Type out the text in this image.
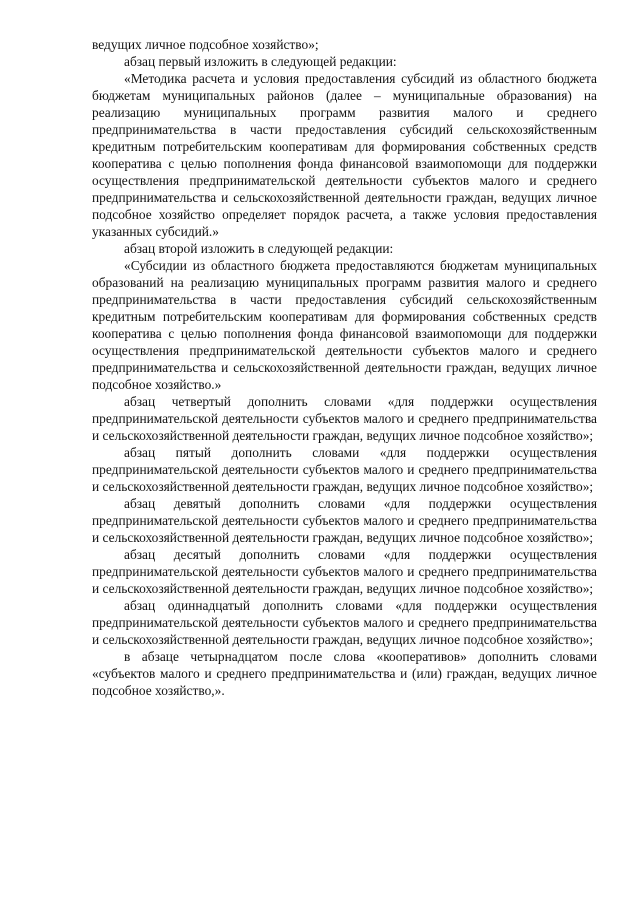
ведущих личное подсобное хозяйство»;

абзац первый изложить в следующей редакции:

«Методика расчета и условия предоставления субсидий из областного бюджета бюджетам муниципальных районов (далее – муниципальные образования) на реализацию муниципальных программ развития малого и среднего предпринимательства в части предоставления субсидий сельскохозяйственным кредитным потребительским кооперативам для формирования собственных средств кооператива с целью пополнения фонда финансовой взаимопомощи для поддержки осуществления предпринимательской деятельности субъектов малого и среднего предпринимательства и сельскохозяйственной деятельности граждан, ведущих личное подсобное хозяйство определяет порядок расчета, а также условия предоставления указанных субсидий.»

абзац второй изложить в следующей редакции:

«Субсидии из областного бюджета предоставляются бюджетам муниципальных образований на реализацию муниципальных программ развития малого и среднего предпринимательства в части предоставления субсидий сельскохозяйственным кредитным потребительским кооперативам для формирования собственных средств кооператива с целью пополнения фонда финансовой взаимопомощи для поддержки осуществления предпринимательской деятельности субъектов малого и среднего предпринимательства и сельскохозяйственной деятельности граждан, ведущих личное подсобное хозяйство.»

абзац четвертый дополнить словами «для поддержки осуществления предпринимательской деятельности субъектов малого и среднего предпринимательства и сельскохозяйственной деятельности граждан, ведущих личное подсобное хозяйство»;

абзац пятый дополнить словами «для поддержки осуществления предпринимательской деятельности субъектов малого и среднего предпринимательства и сельскохозяйственной деятельности граждан, ведущих личное подсобное хозяйство»;

абзац девятый дополнить словами «для поддержки осуществления предпринимательской деятельности субъектов малого и среднего предпринимательства и сельскохозяйственной деятельности граждан, ведущих личное подсобное хозяйство»;

абзац десятый дополнить словами «для поддержки осуществления предпринимательской деятельности субъектов малого и среднего предпринимательства и сельскохозяйственной деятельности граждан, ведущих личное подсобное хозяйство»;

абзац одиннадцатый дополнить словами «для поддержки осуществления предпринимательской деятельности субъектов малого и среднего предпринимательства и сельскохозяйственной деятельности граждан, ведущих личное подсобное хозяйство»;

в абзаце четырнадцатом после слова «кооперативов» дополнить словами «субъектов малого и среднего предпринимательства и (или) граждан, ведущих личное подсобное хозяйство,».
